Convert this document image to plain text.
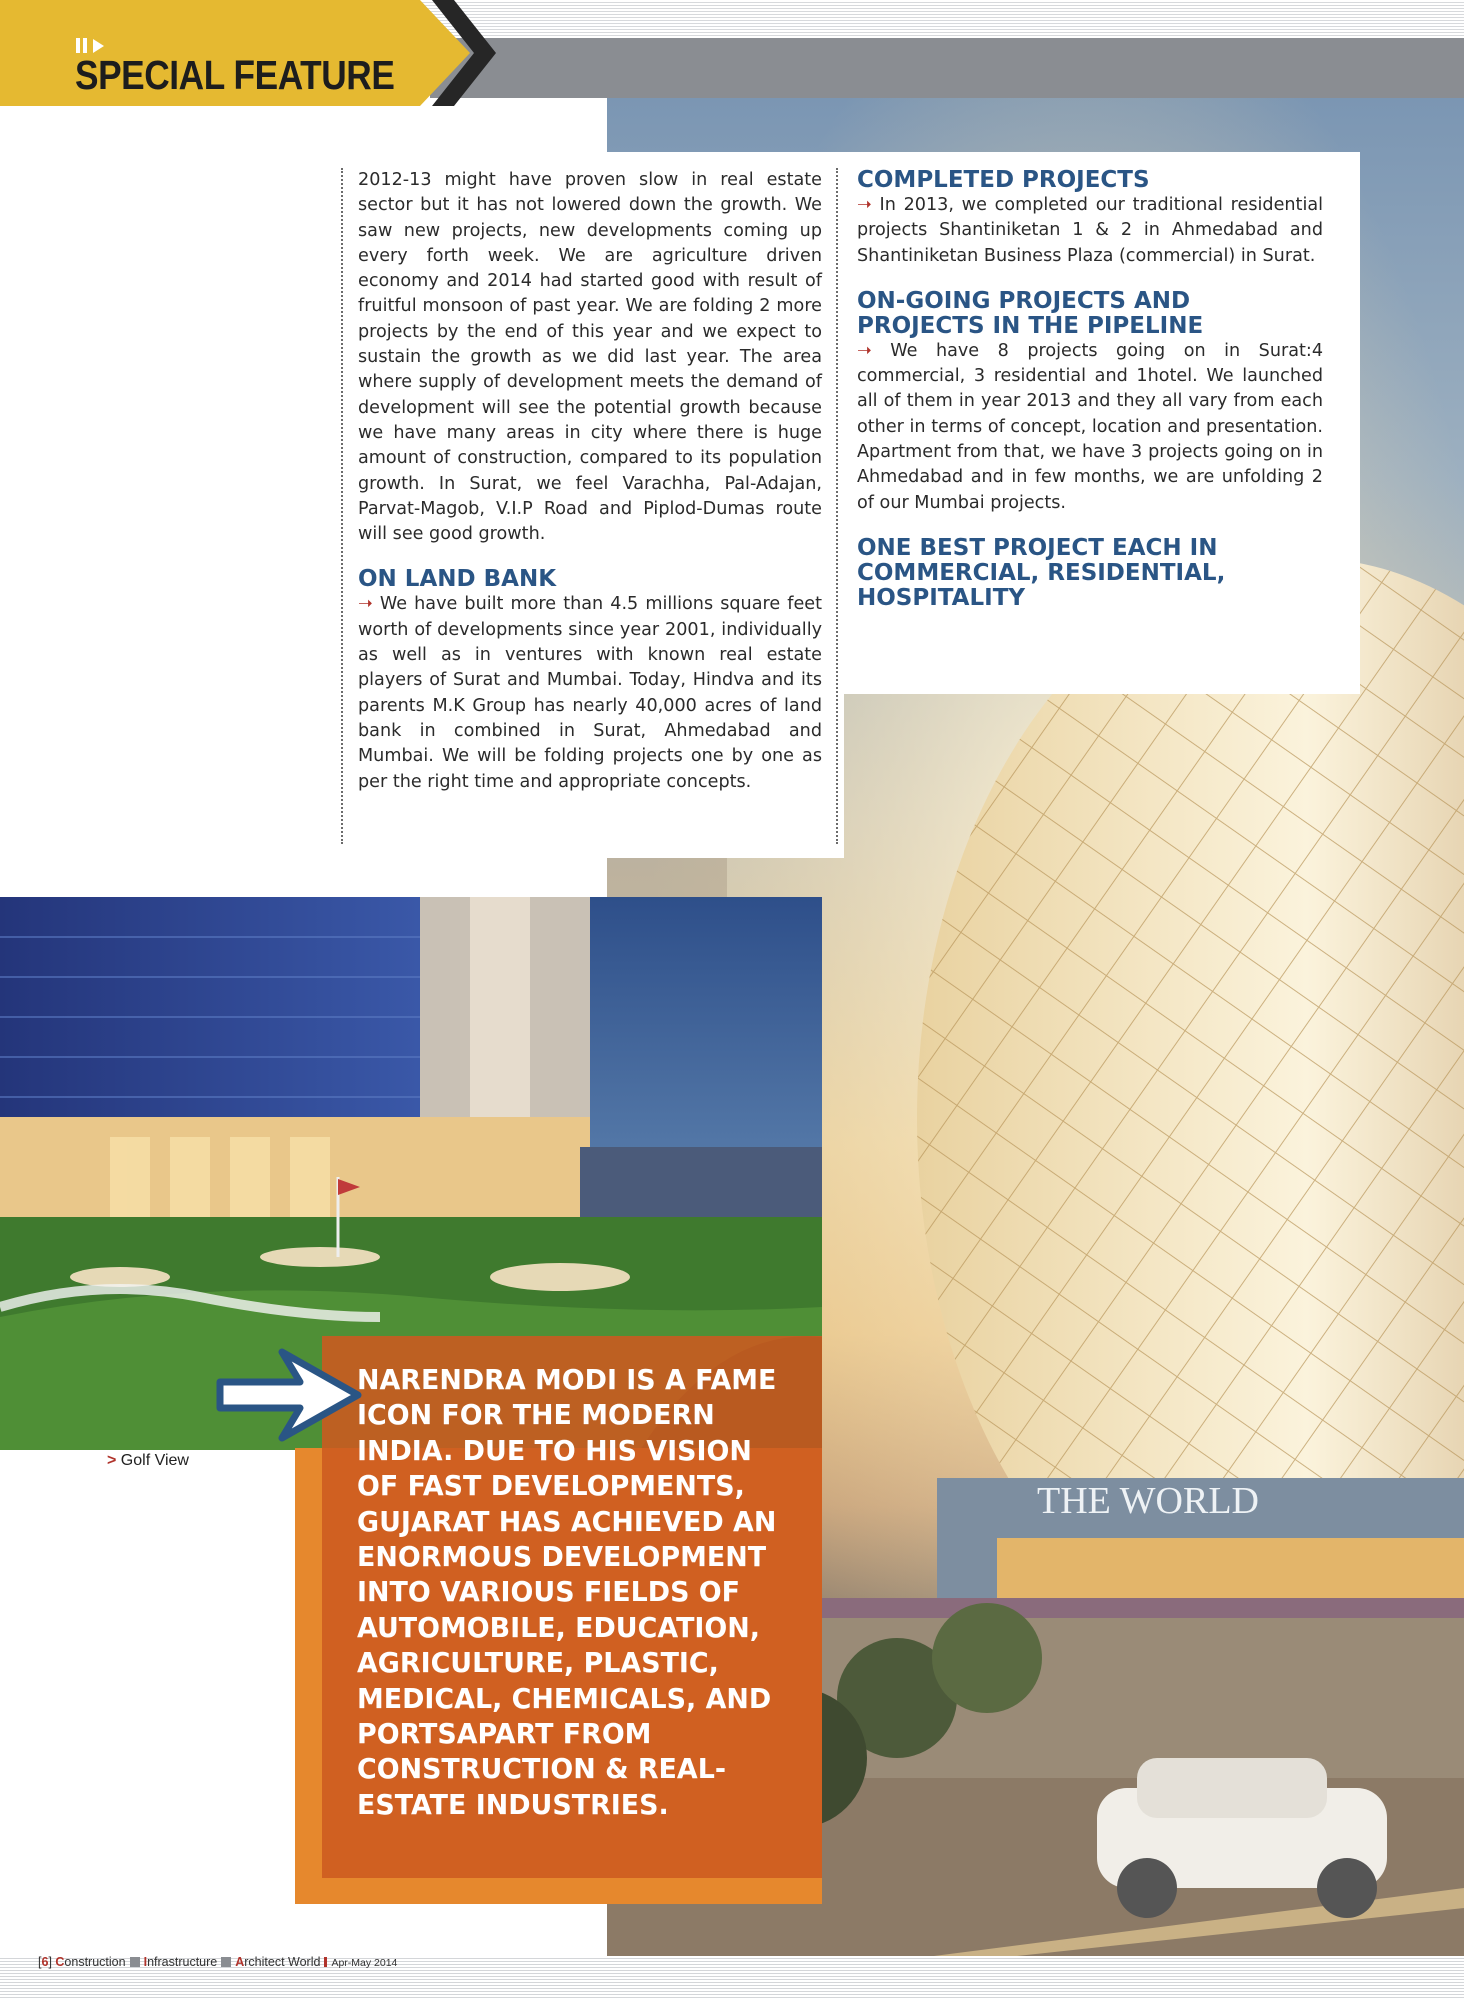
SPECIAL FEATURE
THE WORLD

2012-13 might have proven slow in real estate sector but it has not lowered down the growth. We saw new projects, new developments coming up every forth week. We are agriculture driven economy and 2014 had started good with result of fruitful monsoon of past year. We are folding 2 more projects by the end of this year and we expect to sustain the growth as we did last year. The area where supply of development meets the demand of development will see the potential growth because we have many areas in city where there is huge amount of construction, compared to its population growth. In Surat, we feel Varachha, Pal-Adajan, Parvat-Magob, V.I.P Road and Piplod-Dumas route will see good growth.

ON LAND BANK

➝ We have built more than 4.5 millions square feet worth of developments since year 2001, individually as well as in ventures with known real estate players of Surat and Mumbai. Today, Hindva and its parents M.K Group has nearly 40,000 acres of land bank in combined in Surat, Ahmedabad and Mumbai. We will be folding projects one by one as per the right time and appropriate concepts.

COMPLETED PROJECTS

➝ In 2013, we completed our traditional residential projects Shantiniketan 1 & 2 in Ahmedabad and Shantiniketan Business Plaza (commercial) in Surat.

ON-GOING PROJECTS AND PROJECTS IN THE PIPELINE

➝ We have 8 projects going on in Surat:4 commercial, 3 residential and 1hotel. We launched all of them in year 2013 and they all vary from each other in terms of concept, location and presentation. Apartment from that, we have 3 projects going on in Ahmedabad and in few months, we are unfolding 2 of our Mumbai projects.

ONE BEST PROJECT EACH IN COMMERCIAL, RESIDENTIAL, HOSPITALITY
> Golf View
NARENDRA MODI IS A FAME ICON FOR THE MODERN INDIA. DUE TO HIS VISION OF FAST DEVELOPMENTS, GUJARAT HAS ACHIEVED AN ENORMOUS DEVELOPMENT INTO VARIOUS FIELDS OF AUTOMOBILE, EDUCATION, AGRICULTURE, PLASTIC, MEDICAL, CHEMICALS, AND PORTSAPART FROM CONSTRUCTION & REAL-ESTATE INDUSTRIES.
[6] Construction Infrastructure Architect World Apr-May 2014
